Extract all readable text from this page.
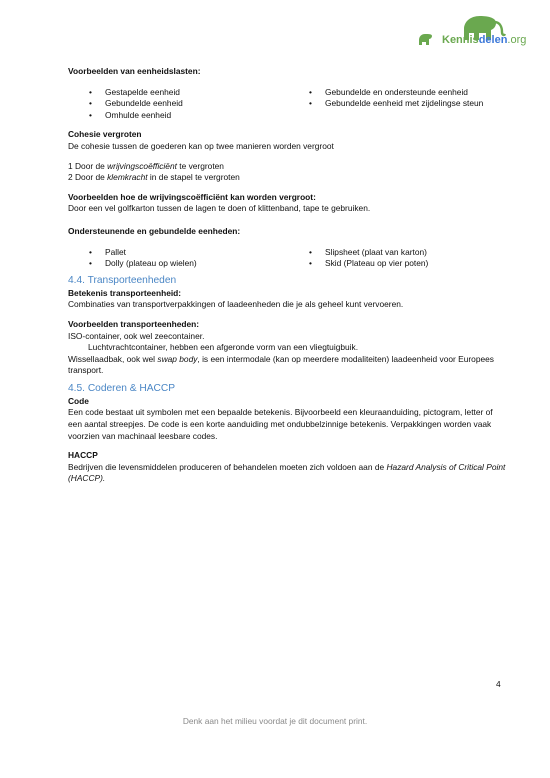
Kennisdelen.org

Voorbeelden van eenheidslasten:

• Gestapelde eenheid
• Gebundelde eenheid
• Omhulde eenheid
• Gebundelde en ondersteunde eenheid
• Gebundelde eenheid met zijdelingse steun

Cohesie vergroten

De cohesie tussen de goederen kan op twee manieren worden vergroot

1 Door de wrijvingscoëfficiënt te vergroten

2 Door de klemkracht in de stapel te vergroten

Voorbeelden hoe de wrijvingscoëfficiënt kan worden vergroot:

Door een vel golfkarton tussen de lagen te doen of klittenband, tape te gebruiken.

Ondersteunende en gebundelde eenheden:

• Pallet
• Dolly (plateau op wielen)
• Slipsheet (plaat van karton)
• Skid (Plateau op vier poten)

4.4. Transporteenheden

Betekenis transporteenheid:

Combinaties van transportverpakkingen of laadeenheden die je als geheel kunt vervoeren.

Voorbeelden transporteenheden:

ISO-container, ook wel zeecontainer.

Luchtvrachtcontainer, hebben een afgeronde vorm van een vliegtuigbuik.

Wissellaadbak, ook wel swap body, is een intermodale (kan op meerdere modaliteiten) laadeenheid voor Europees transport.

4.5. Coderen & HACCP

Code

Een code bestaat uit symbolen met een bepaalde betekenis. Bijvoorbeeld een kleuraanduiding, pictogram, letter of een aantal streepjes. De code is een korte aanduiding met ondubbelzinnige betekenis. Verpakkingen worden vaak voorzien van machinaal leesbare codes.

HACCP

Bedrijven die levensmiddelen produceren of behandelen moeten zich voldoen aan de Hazard Analysis of Critical Point (HACCP).

4
Denk aan het milieu voordat je dit document print.
